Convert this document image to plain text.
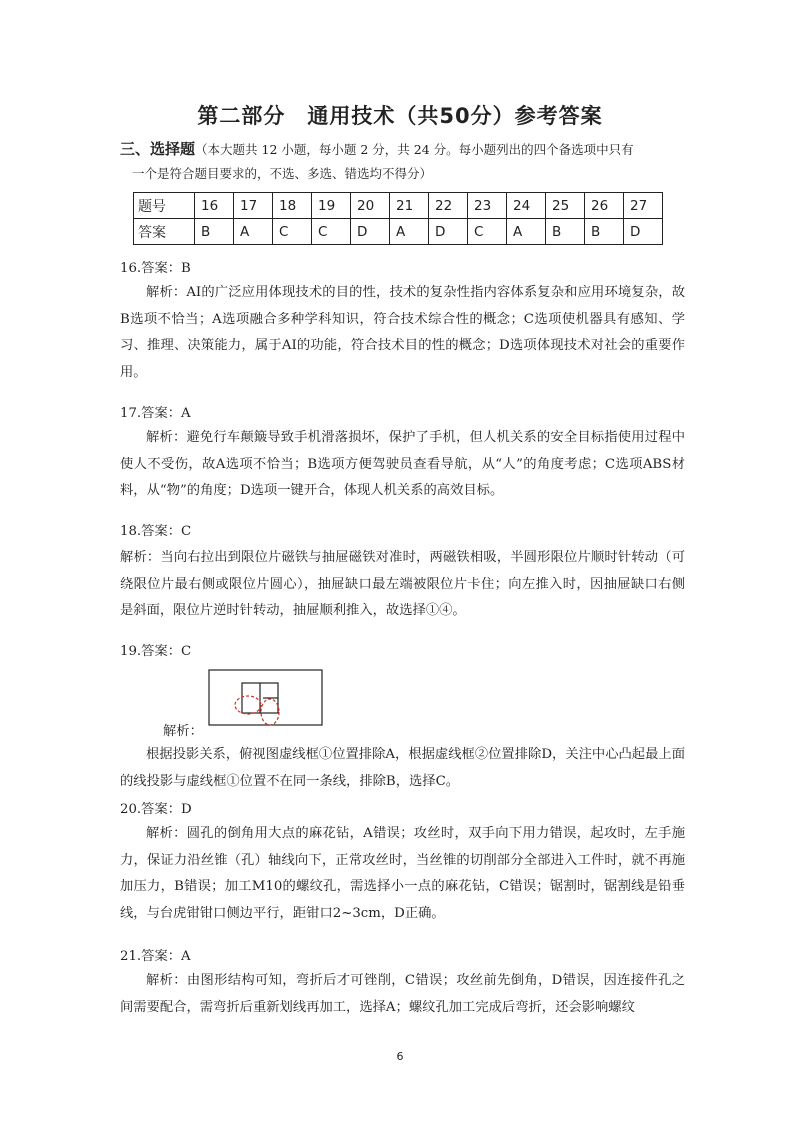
第二部分　通用技术（共50分）参考答案
三、选择题（本大题共 12 小题，每小题 2 分，共 24 分。每小题列出的四个备选项中只有
一个是符合题目要求的，不选、多选、错选均不得分）
题号	16	17	18	19	20	21	22	23	24	25	26	27
答案	B	A	C	C	D	A	D	C	A	B	B	D
16.答案：B
解析：AI的广泛应用体现技术的目的性，技术的复杂性指内容体系复杂和应用环境复杂，故B选项不恰当；A选项融合多种学科知识，符合技术综合性的概念；C选项使机器具有感知、学习、推理、决策能力，属于AI的功能，符合技术目的性的概念；D选项体现技术对社会的重要作用。
17.答案：A
解析：避免行车颠簸导致手机滑落损坏，保护了手机，但人机关系的安全目标指使用过程中使人不受伤，故A选项不恰当；B选项方便驾驶员查看导航，从“人”的角度考虑；C选项ABS材料，从“物”的角度；D选项一键开合，体现人机关系的高效目标。
18.答案：C
解析：当向右拉出到限位片磁铁与抽屉磁铁对准时，两磁铁相吸，半圆形限位片顺时针转动（可绕限位片最右侧或限位片圆心），抽屉缺口最左端被限位片卡住；向左推入时，因抽屉缺口右侧是斜面，限位片逆时针转动，抽屉顺利推入，故选择①④。
19.答案：C
解析：
根据投影关系，俯视图虚线框①位置排除A，根据虚线框②位置排除D，关注中心凸起最上面的线投影与虚线框①位置不在同一条线，排除B，选择C。
20.答案：D
解析：圆孔的倒角用大点的麻花钻，A错误；攻丝时，双手向下用力错误，起攻时，左手施力，保证力沿丝锥（孔）轴线向下，正常攻丝时，当丝锥的切削部分全部进入工件时，就不再施加压力，B错误；加工M10的螺纹孔，需选择小一点的麻花钻，C错误；锯割时，锯割线是铅垂线，与台虎钳钳口侧边平行，距钳口2~3cm，D正确。
21.答案：A
解析：由图形结构可知，弯折后才可锉削，C错误；攻丝前先倒角，D错误，因连接件孔之间需要配合，需弯折后重新划线再加工，选择A；螺纹孔加工完成后弯折，还会影响螺纹
6
